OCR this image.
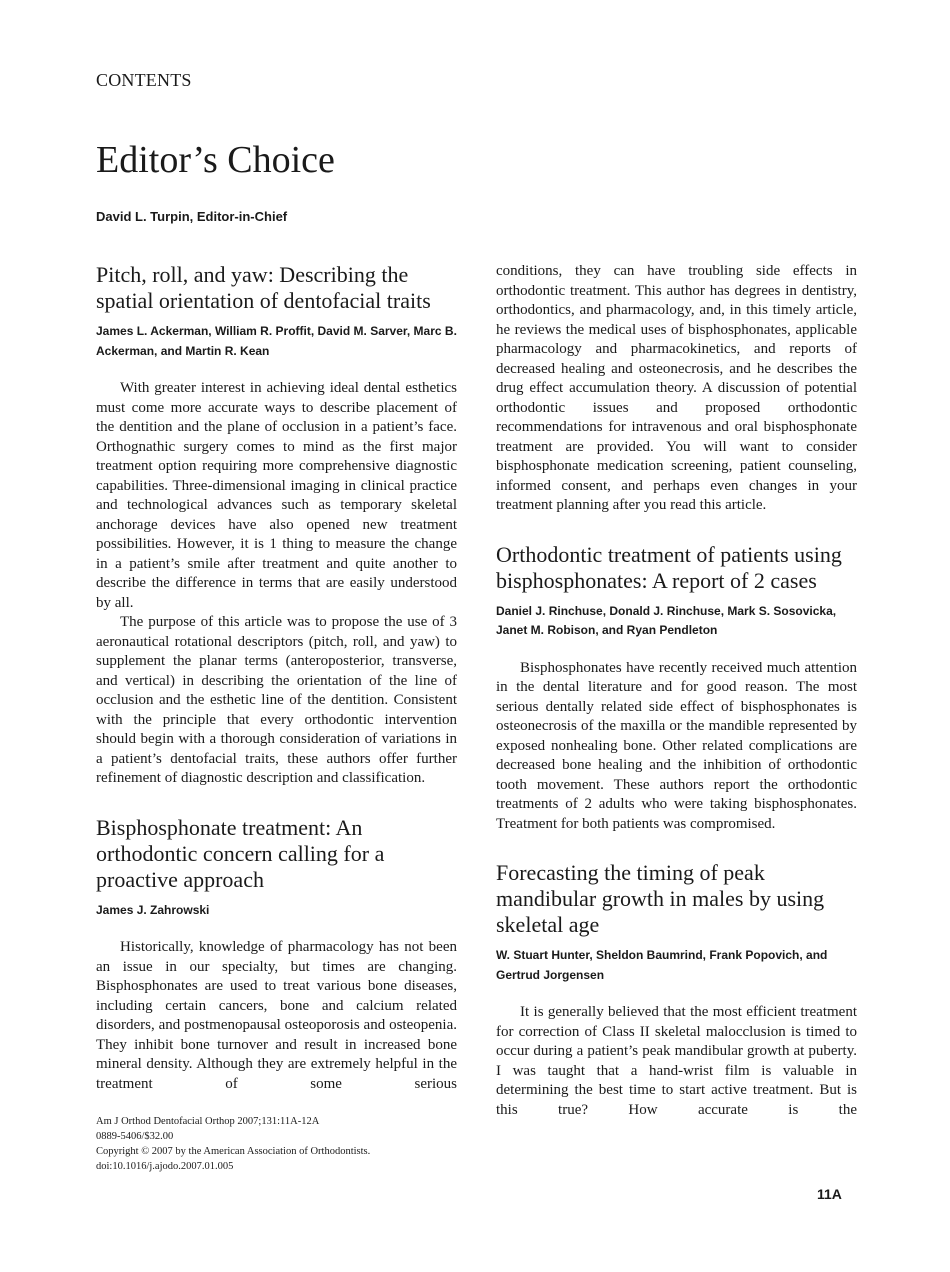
CONTENTS
Editor’s Choice
David L. Turpin, Editor-in-Chief
Pitch, roll, and yaw: Describing the spatial orientation of dentofacial traits
James L. Ackerman, William R. Proffit, David M. Sarver, Marc B. Ackerman, and Martin R. Kean

With greater interest in achieving ideal dental esthetics must come more accurate ways to describe placement of the dentition and the plane of occlusion in a patient’s face. Orthognathic surgery comes to mind as the first major treatment option requiring more comprehensive diagnostic capabilities. Three-dimensional imaging in clinical practice and technological advances such as temporary skeletal anchorage devices have also opened new treatment possibilities. However, it is 1 thing to measure the change in a patient’s smile after treatment and quite another to describe the difference in terms that are easily understood by all.

The purpose of this article was to propose the use of 3 aeronautical rotational descriptors (pitch, roll, and yaw) to supplement the planar terms (anteroposterior, transverse, and vertical) in describing the orientation of the line of occlusion and the esthetic line of the dentition. Consistent with the principle that every orthodontic intervention should begin with a thorough consideration of variations in a patient’s dentofacial traits, these authors offer further refinement of diagnostic description and classification.

Bisphosphonate treatment: An orthodontic concern calling for a proactive approach
James J. Zahrowski

Historically, knowledge of pharmacology has not been an issue in our specialty, but times are changing. Bisphosphonates are used to treat various bone diseases, including certain cancers, bone and calcium related disorders, and postmenopausal osteoporosis and osteopenia. They inhibit bone turnover and result in increased bone mineral density. Although they are extremely helpful in the treatment of some serious

conditions, they can have troubling side effects in orthodontic treatment. This author has degrees in dentistry, orthodontics, and pharmacology, and, in this timely article, he reviews the medical uses of bisphosphonates, applicable pharmacology and pharmacokinetics, and reports of decreased healing and osteonecrosis, and he describes the drug effect accumulation theory. A discussion of potential orthodontic issues and proposed orthodontic recommendations for intravenous and oral bisphosphonate treatment are provided. You will want to consider bisphosphonate medication screening, patient counseling, informed consent, and perhaps even changes in your treatment planning after you read this article.

Orthodontic treatment of patients using bisphosphonates: A report of 2 cases
Daniel J. Rinchuse, Donald J. Rinchuse, Mark S. Sosovicka, Janet M. Robison, and Ryan Pendleton

Bisphosphonates have recently received much attention in the dental literature and for good reason. The most serious dentally related side effect of bisphosphonates is osteonecrosis of the maxilla or the mandible represented by exposed nonhealing bone. Other related complications are decreased bone healing and the inhibition of orthodontic tooth movement. These authors report the orthodontic treatments of 2 adults who were taking bisphosphonates. Treatment for both patients was compromised.

Forecasting the timing of peak mandibular growth in males by using skeletal age
W. Stuart Hunter, Sheldon Baumrind, Frank Popovich, and Gertrud Jorgensen

It is generally believed that the most efficient treatment for correction of Class II skeletal malocclusion is timed to occur during a patient’s peak mandibular growth at puberty. I was taught that a hand-wrist film is valuable in determining the best time to start active treatment. But is this true? How accurate is the

Am J Orthod Dentofacial Orthop 2007;131:11A-12A
0889-5406/$32.00
Copyright © 2007 by the American Association of Orthodontists.
doi:10.1016/j.ajodo.2007.01.005
11A
